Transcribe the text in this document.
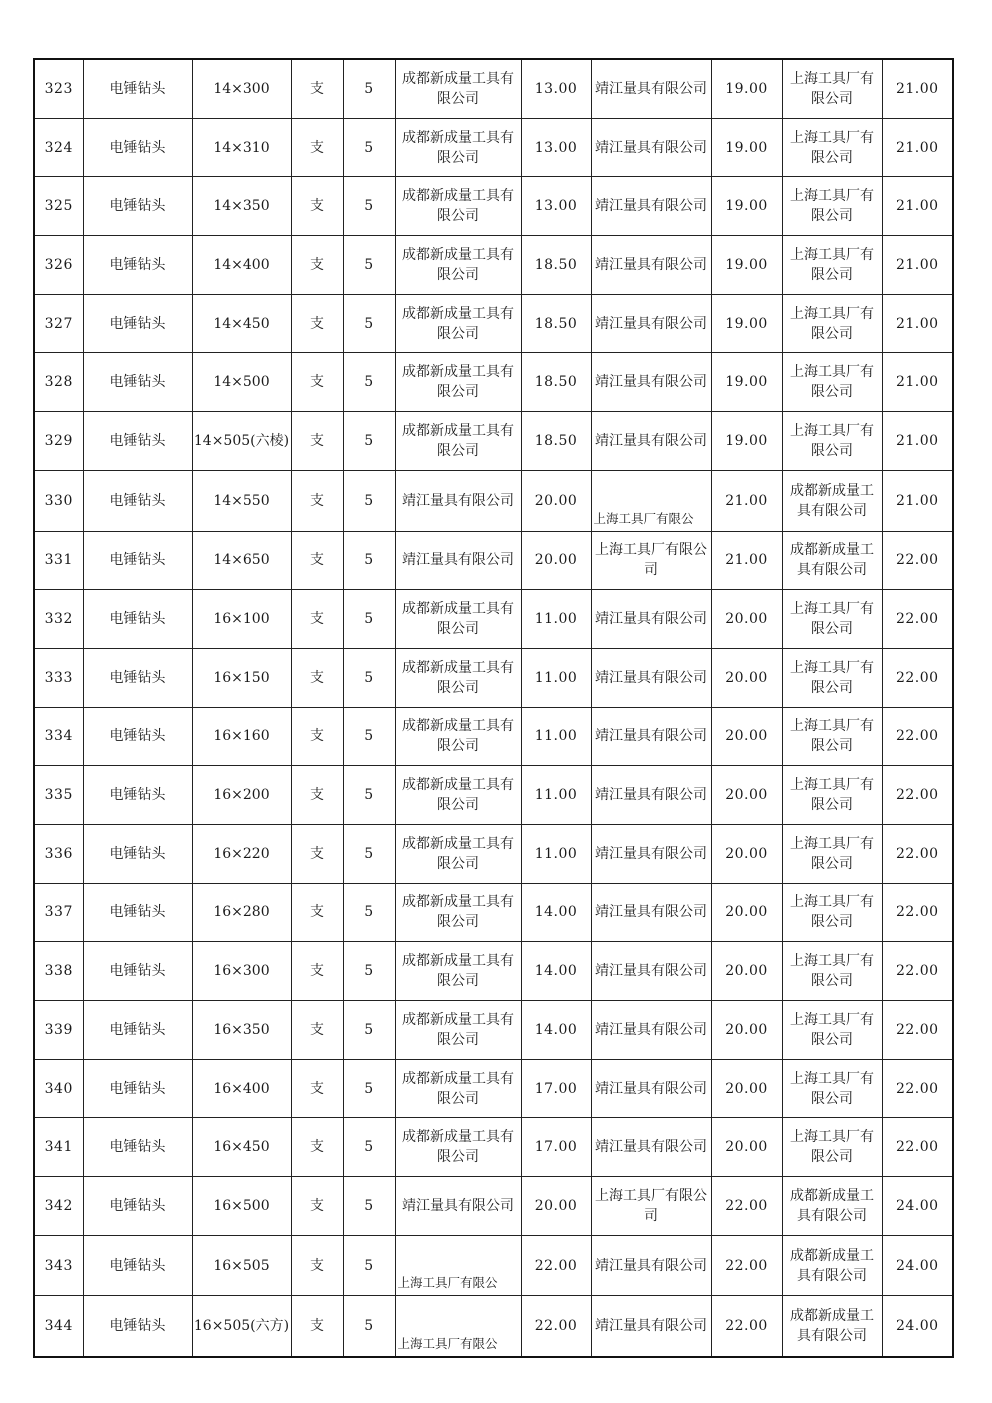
323	电锤钻头	14×300	支	5	成都新成量工具有限公司	13.00	靖江量具有限公司	19.00	上海工具厂有限公司	21.00
324	电锤钻头	14×310	支	5	成都新成量工具有限公司	13.00	靖江量具有限公司	19.00	上海工具厂有限公司	21.00
325	电锤钻头	14×350	支	5	成都新成量工具有限公司	13.00	靖江量具有限公司	19.00	上海工具厂有限公司	21.00
326	电锤钻头	14×400	支	5	成都新成量工具有限公司	18.50	靖江量具有限公司	19.00	上海工具厂有限公司	21.00
327	电锤钻头	14×450	支	5	成都新成量工具有限公司	18.50	靖江量具有限公司	19.00	上海工具厂有限公司	21.00
328	电锤钻头	14×500	支	5	成都新成量工具有限公司	18.50	靖江量具有限公司	19.00	上海工具厂有限公司	21.00
329	电锤钻头	14×505(六棱)	支	5	成都新成量工具有限公司	18.50	靖江量具有限公司	19.00	上海工具厂有限公司	21.00
330	电锤钻头	14×550	支	5	靖江量具有限公司	20.00	上海工具厂有限公	21.00	成都新成量工具有限公司	21.00
331	电锤钻头	14×650	支	5	靖江量具有限公司	20.00	上海工具厂有限公司	21.00	成都新成量工具有限公司	22.00
332	电锤钻头	16×100	支	5	成都新成量工具有限公司	11.00	靖江量具有限公司	20.00	上海工具厂有限公司	22.00
333	电锤钻头	16×150	支	5	成都新成量工具有限公司	11.00	靖江量具有限公司	20.00	上海工具厂有限公司	22.00
334	电锤钻头	16×160	支	5	成都新成量工具有限公司	11.00	靖江量具有限公司	20.00	上海工具厂有限公司	22.00
335	电锤钻头	16×200	支	5	成都新成量工具有限公司	11.00	靖江量具有限公司	20.00	上海工具厂有限公司	22.00
336	电锤钻头	16×220	支	5	成都新成量工具有限公司	11.00	靖江量具有限公司	20.00	上海工具厂有限公司	22.00
337	电锤钻头	16×280	支	5	成都新成量工具有限公司	14.00	靖江量具有限公司	20.00	上海工具厂有限公司	22.00
338	电锤钻头	16×300	支	5	成都新成量工具有限公司	14.00	靖江量具有限公司	20.00	上海工具厂有限公司	22.00
339	电锤钻头	16×350	支	5	成都新成量工具有限公司	14.00	靖江量具有限公司	20.00	上海工具厂有限公司	22.00
340	电锤钻头	16×400	支	5	成都新成量工具有限公司	17.00	靖江量具有限公司	20.00	上海工具厂有限公司	22.00
341	电锤钻头	16×450	支	5	成都新成量工具有限公司	17.00	靖江量具有限公司	20.00	上海工具厂有限公司	22.00
342	电锤钻头	16×500	支	5	靖江量具有限公司	20.00	上海工具厂有限公司	22.00	成都新成量工具有限公司	24.00
343	电锤钻头	16×505	支	5	上海工具厂有限公	22.00	靖江量具有限公司	22.00	成都新成量工具有限公司	24.00
344	电锤钻头	16×505(六方)	支	5	上海工具厂有限公	22.00	靖江量具有限公司	22.00	成都新成量工具有限公司	24.00
